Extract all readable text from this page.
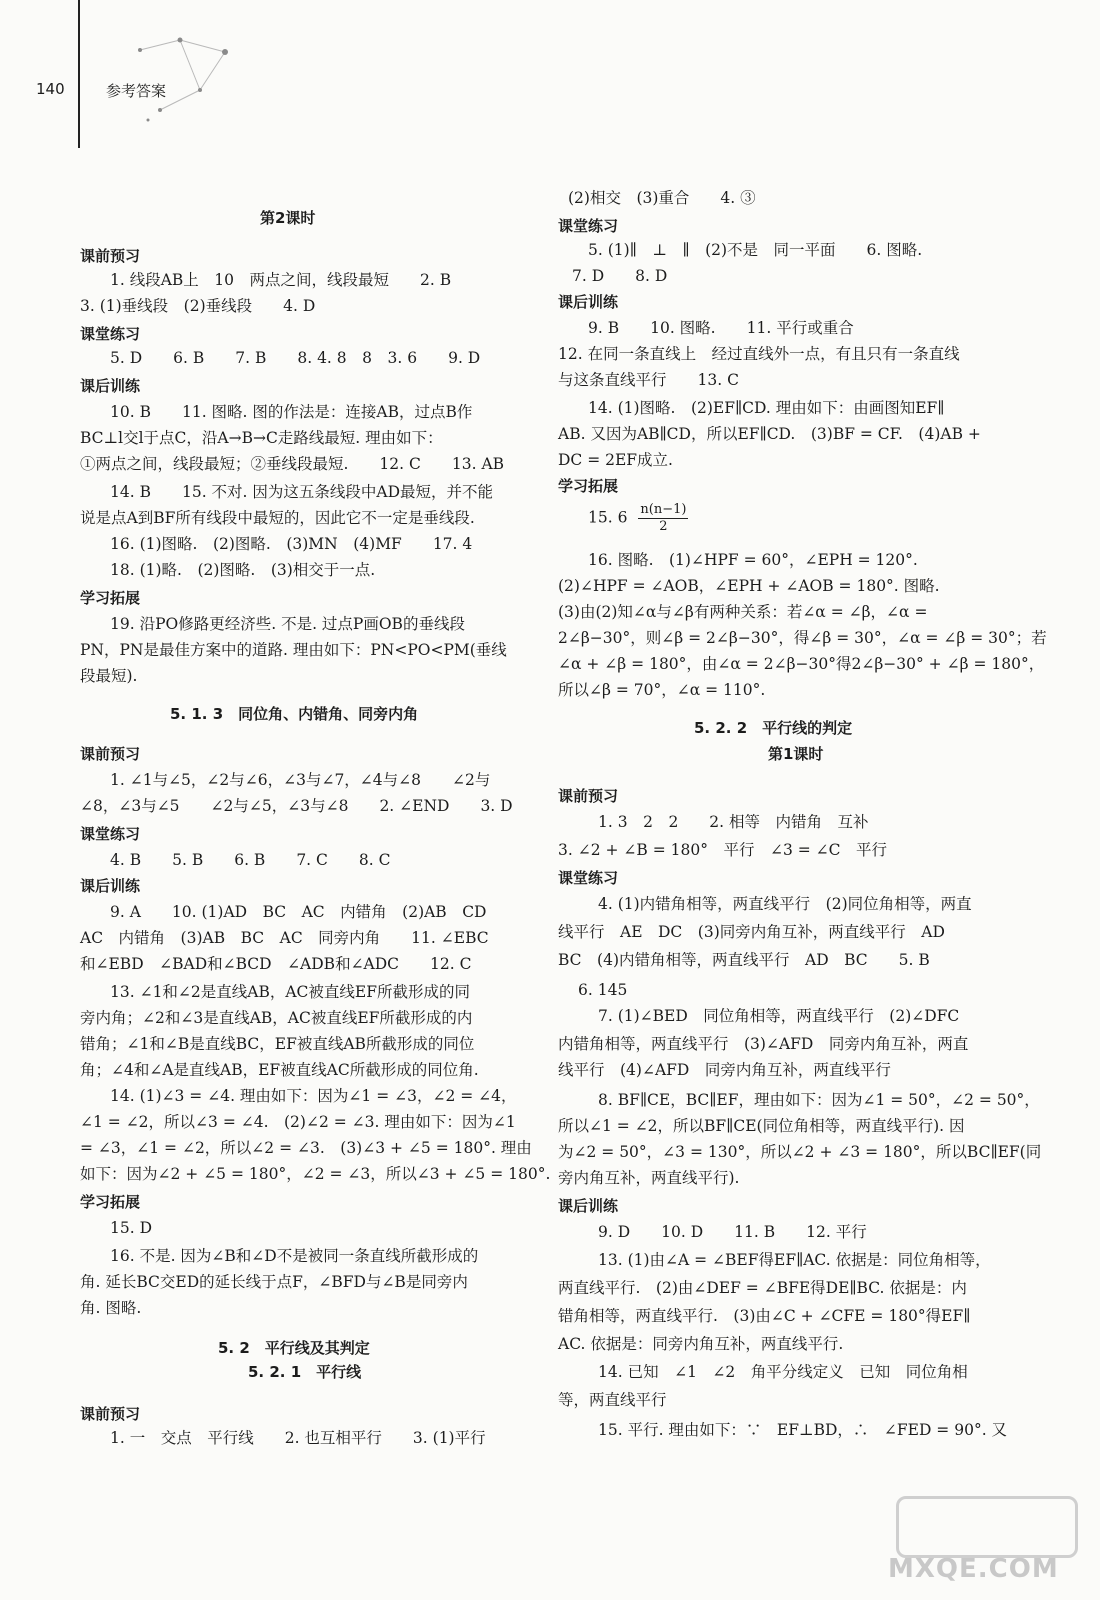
140	参考答案
第2课时
课前预习
1. 线段AB上　10　两点之间，线段最短　　2. B
3. (1)垂线段　(2)垂线段　　4. D
课堂练习
5. D　　6. B　　7. B　　8. 4. 8　8　3. 6　　9. D
课后训练
10. B　　11. 图略. 图的作法是：连接AB，过点B作
BC⊥l交l于点C，沿A→B→C走路线最短. 理由如下：
①两点之间，线段最短；②垂线段最短.　　12. C　　13. AB
14. B　　15. 不对. 因为这五条线段中AD最短，并不能
说是点A到BF所有线段中最短的，因此它不一定是垂线段.
16. (1)图略.　(2)图略.　(3)MN　(4)MF　　17. 4
18. (1)略.　(2)图略.　(3)相交于一点.
学习拓展
19. 沿PO修路更经济些. 不是. 过点P画OB的垂线段
PN，PN是最佳方案中的道路. 理由如下：PN<PO<PM(垂线
段最短).
5. 1. 3　同位角、内错角、同旁内角
课前预习
1. ∠1与∠5，∠2与∠6，∠3与∠7，∠4与∠8　　∠2与
∠8，∠3与∠5　　∠2与∠5，∠3与∠8　　2. ∠END　　3. D
课堂练习
4. B　　5. B　　6. B　　7. C　　8. C
课后训练
9. A　　10. (1)AD　BC　AC　内错角　(2)AB　CD
AC　内错角　(3)AB　BC　AC　同旁内角　　11. ∠EBC
和∠EBD　∠BAD和∠BCD　∠ADB和∠ADC　　12. C
13. ∠1和∠2是直线AB，AC被直线EF所截形成的同
旁内角；∠2和∠3是直线AB，AC被直线EF所截形成的内
错角；∠1和∠B是直线BC，EF被直线AB所截形成的同位
角；∠4和∠A是直线AB，EF被直线AC所截形成的同位角.
14. (1)∠3 = ∠4. 理由如下：因为∠1 = ∠3，∠2 = ∠4，
∠1 = ∠2，所以∠3 = ∠4.　(2)∠2 = ∠3. 理由如下：因为∠1
= ∠3，∠1 = ∠2，所以∠2 = ∠3.　(3)∠3 + ∠5 = 180°. 理由
如下：因为∠2 + ∠5 = 180°，∠2 = ∠3，所以∠3 + ∠5 = 180°.
学习拓展
15. D
16. 不是. 因为∠B和∠D不是被同一条直线所截形成的
角. 延长BC交ED的延长线于点F，∠BFD与∠B是同旁内
角. 图略.
5. 2　平行线及其判定
5. 2. 1　平行线
课前预习
1. 一　交点　平行线　　2. 也互相平行　　3. (1)平行
15. $6 \frac{n(n-1)}{2}$
(2)相交　(3)重合　　4. ③
课堂练习
5. (1)∥　⊥　∥　(2)不是　同一平面　　6. 图略.
7. D　　8. D
课后训练
9. B　　10. 图略.　　11. 平行或重合
12. 在同一条直线上　经过直线外一点，有且只有一条直线
与这条直线平行　　13. C
14. (1)图略.　(2)EF∥CD. 理由如下：由画图知EF∥
AB. 又因为AB∥CD，所以EF∥CD.　(3)BF = CF.　(4)AB +
DC = 2EF成立.
学习拓展
16. 图略.　(1)∠HPF = 60°，∠EPH = 120°.
(2)∠HPF = ∠AOB，∠EPH + ∠AOB = 180°. 图略.
(3)由(2)知∠α与∠β有两种关系：若∠α = ∠β，∠α =
2∠β−30°，则∠β = 2∠β−30°，得∠β = 30°，∠α = ∠β = 30°；若
∠α + ∠β = 180°，由∠α = 2∠β−30°得2∠β−30° + ∠β = 180°，
所以∠β = 70°，∠α = 110°.
5. 2. 2　平行线的判定
第1课时
课前预习
1. 3　2　2　　2. 相等　内错角　互补
3. ∠2 + ∠B = 180°　平行　∠3 = ∠C　平行
课堂练习
4. (1)内错角相等，两直线平行　(2)同位角相等，两直
线平行　AE　DC　(3)同旁内角互补，两直线平行　AD
BC　(4)内错角相等，两直线平行　AD　BC　　5. B
6. 145
7. (1)∠BED　同位角相等，两直线平行　(2)∠DFC
内错角相等，两直线平行　(3)∠AFD　同旁内角互补，两直
线平行　(4)∠AFD　同旁内角互补，两直线平行
8. BF∥CE，BC∥EF，理由如下：因为∠1 = 50°，∠2 = 50°，
所以∠1 = ∠2，所以BF∥CE(同位角相等，两直线平行). 因
为∠2 = 50°，∠3 = 130°，所以∠2 + ∠3 = 180°，所以BC∥EF(同
旁内角互补，两直线平行).
课后训练
9. D　　10. D　　11. B　　12. 平行
13. (1)由∠A = ∠BEF得EF∥AC. 依据是：同位角相等，
两直线平行.　(2)由∠DEF = ∠BFE得DE∥BC. 依据是：内
错角相等，两直线平行.　(3)由∠C + ∠CFE = 180°得EF∥
AC. 依据是：同旁内角互补，两直线平行.
14. 已知　∠1　∠2　角平分线定义　已知　同位角相
等，两直线平行
15. 平行. 理由如下：∵　EF⊥BD，∴　∠FED = 90°. 又
MXQE.COM
